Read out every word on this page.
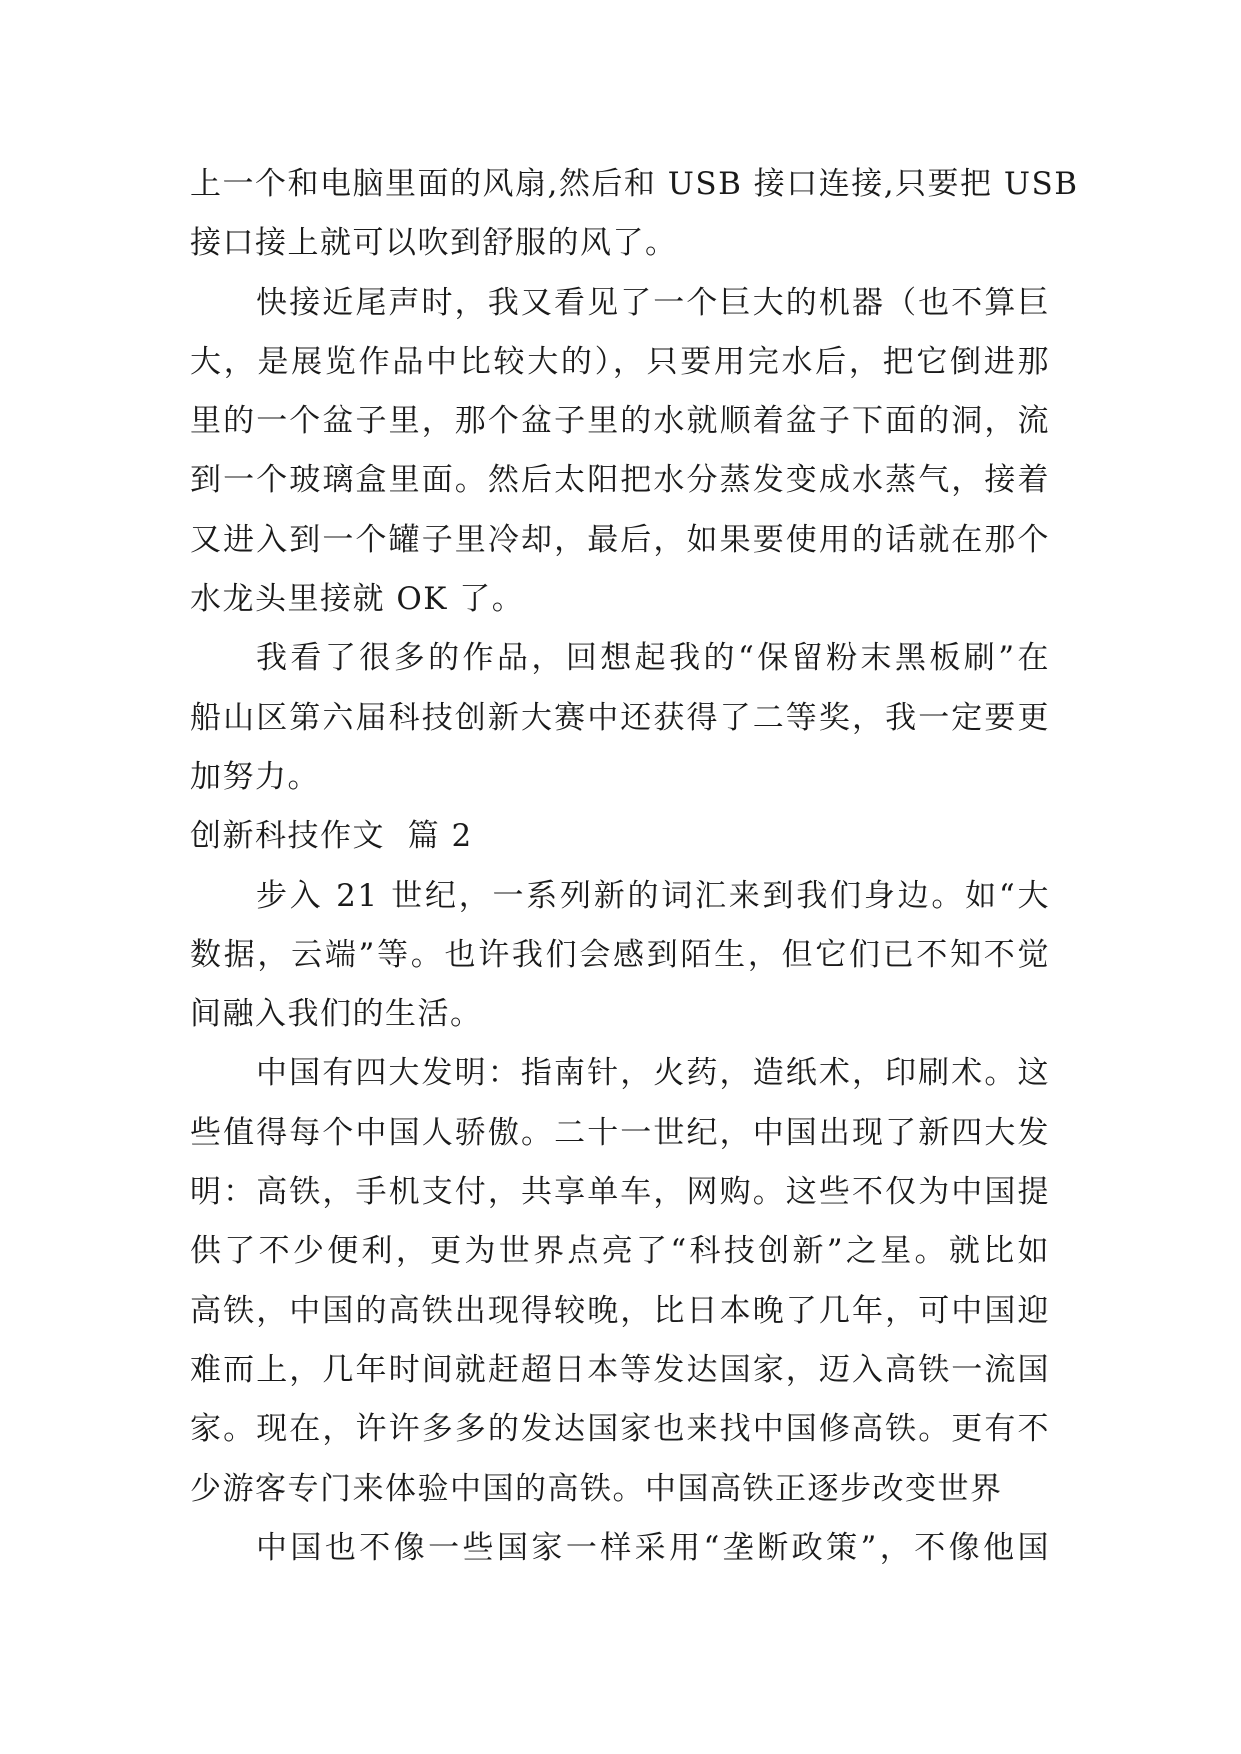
上一个和电脑里面的风扇,然后和 USB 接口连接,只要把 USB
接口接上就可以吹到舒服的风了。
快接近尾声时，我又看见了一个巨大的机器（也不算巨
大，是展览作品中比较大的），只要用完水后，把它倒进那
里的一个盆子里，那个盆子里的水就顺着盆子下面的洞，流
到一个玻璃盒里面。然后太阳把水分蒸发变成水蒸气，接着
又进入到一个罐子里冷却，最后，如果要使用的话就在那个
水龙头里接就 OK 了。
我看了很多的作品，回想起我的“保留粉末黑板刷”在
船山区第六届科技创新大赛中还获得了二等奖，我一定要更
加努力。
创新科技作文  篇 2
步入 21 世纪，一系列新的词汇来到我们身边。如“大
数据，云端”等。也许我们会感到陌生，但它们已不知不觉
间融入我们的生活。
中国有四大发明：指南针，火药，造纸术，印刷术。这
些值得每个中国人骄傲。二十一世纪，中国出现了新四大发
明：高铁，手机支付，共享单车，网购。这些不仅为中国提
供了不少便利，更为世界点亮了“科技创新”之星。就比如
高铁，中国的高铁出现得较晚，比日本晚了几年，可中国迎
难而上，几年时间就赶超日本等发达国家，迈入高铁一流国
家。现在，许许多多的发达国家也来找中国修高铁。更有不
少游客专门来体验中国的高铁。中国高铁正逐步改变世界
中国也不像一些国家一样采用“垄断政策”，不像他国
